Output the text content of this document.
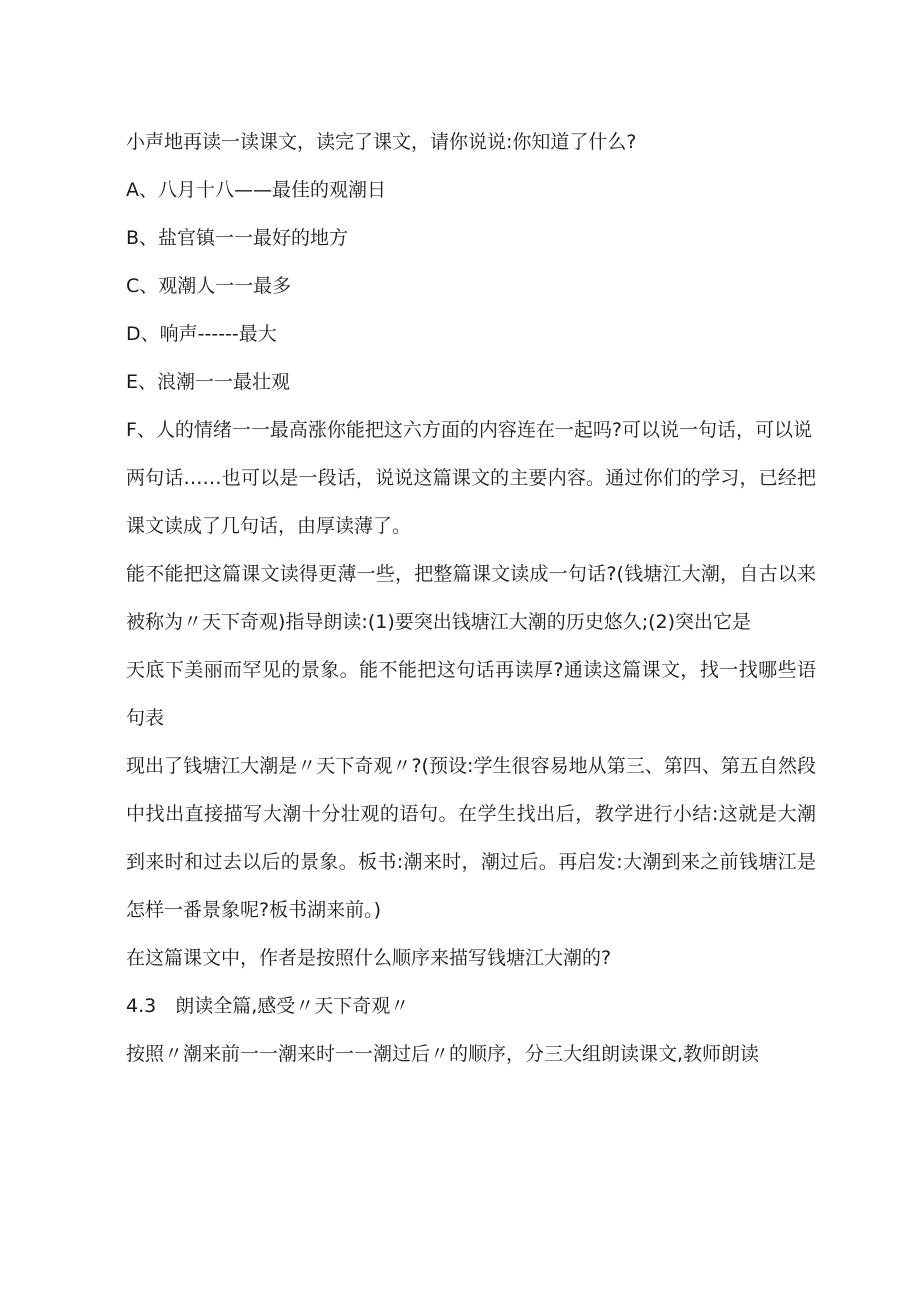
小声地再读一读课文，读完了课文，请你说说:你知道了什么?
A、八月十八——最佳的观潮日
B、盐官镇一一最好的地方
C、观潮人一一最多
D、响声------最大
E、浪潮一一最壮观
F、人的情绪一一最高涨你能把这六方面的内容连在一起吗?可以说一句话，可以说
两句话……也可以是一段话，说说这篇课文的主要内容。通过你们的学习，已经把课文读成了几句话，由厚读薄了。
能不能把这篇课文读得更薄一些，把整篇课文读成一句话?(钱塘江大潮，自古以来被称为〃天下奇观)指导朗读:(1)要突出钱塘江大潮的历史悠久;(2)突出它是
天底下美丽而罕见的景象。能不能把这句话再读厚?通读这篇课文，找一找哪些语句表
现出了钱塘江大潮是〃天下奇观〃?(预设:学生很容易地从第三、第四、第五自然段中找出直接描写大潮十分壮观的语句。在学生找出后，教学进行小结:这就是大潮到来时和过去以后的景象。板书:潮来时，潮过后。再启发:大潮到来之前钱塘江是怎样一番景象呢?板书湖来前。)
在这篇课文中，作者是按照什么顺序来描写钱塘江大潮的?
4.3　朗读全篇,感受〃天下奇观〃
按照〃潮来前一一潮来时一一潮过后〃的顺序，分三大组朗读课文,教师朗读
